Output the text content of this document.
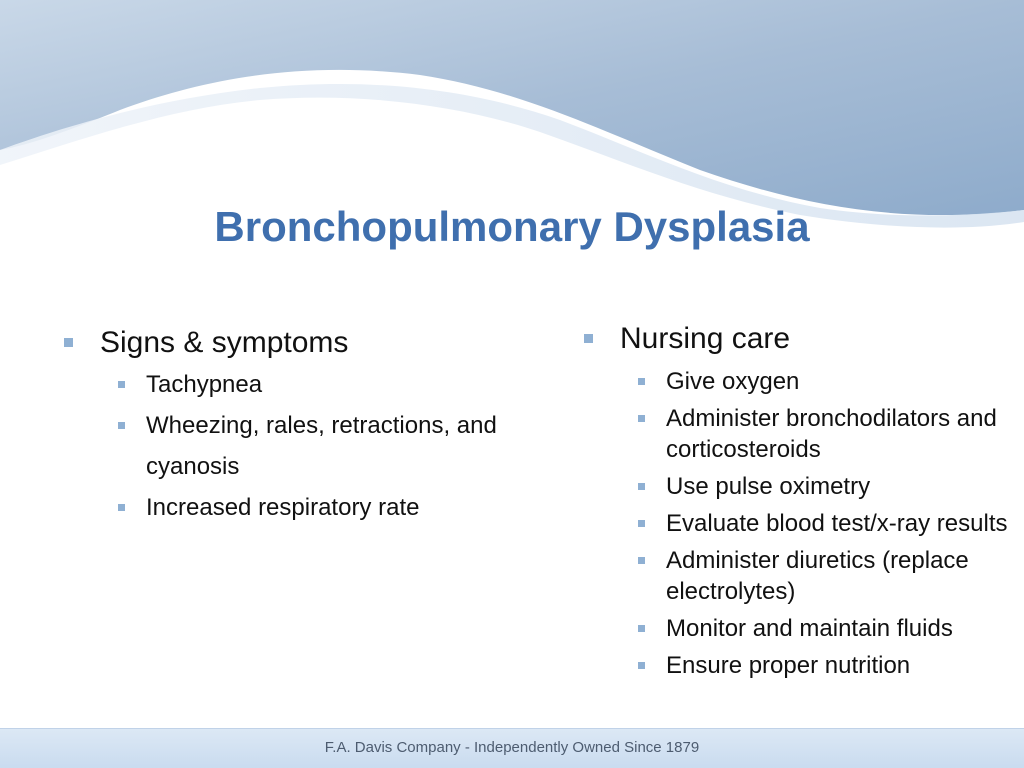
Bronchopulmonary Dysplasia
Signs & symptoms
Tachypnea
Wheezing, rales, retractions, and cyanosis
Increased respiratory rate
Nursing care
Give oxygen
Administer bronchodilators and corticosteroids
Use pulse oximetry
Evaluate blood test/x-ray results
Administer diuretics (replace electrolytes)
Monitor and maintain fluids
Ensure proper nutrition
F.A. Davis Company - Independently Owned Since 1879
